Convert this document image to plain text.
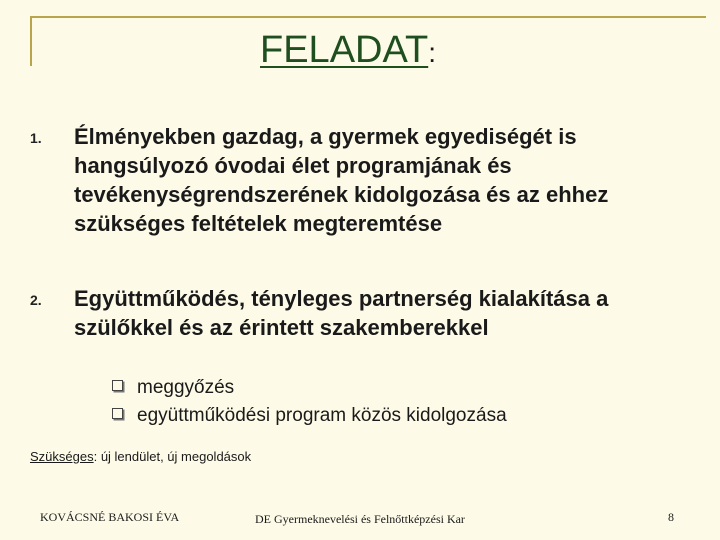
FELADAT:
1. Élményekben gazdag, a gyermek egyediségét is hangsúlyozó óvodai élet programjának és tevékenységrendszerének kidolgozása és az ehhez szükséges feltételek megteremtése
2. Együttműködés, tényleges partnerség kialakítása a szülőkkel és az érintett szakemberekkel
meggyőzés
együttműködési program közös kidolgozása
Szükséges: új lendület, új megoldások
KOVÁCSNÉ BAKOSI ÉVA	DE Gyermeknevelési és Felnőttképzési Kar	8
